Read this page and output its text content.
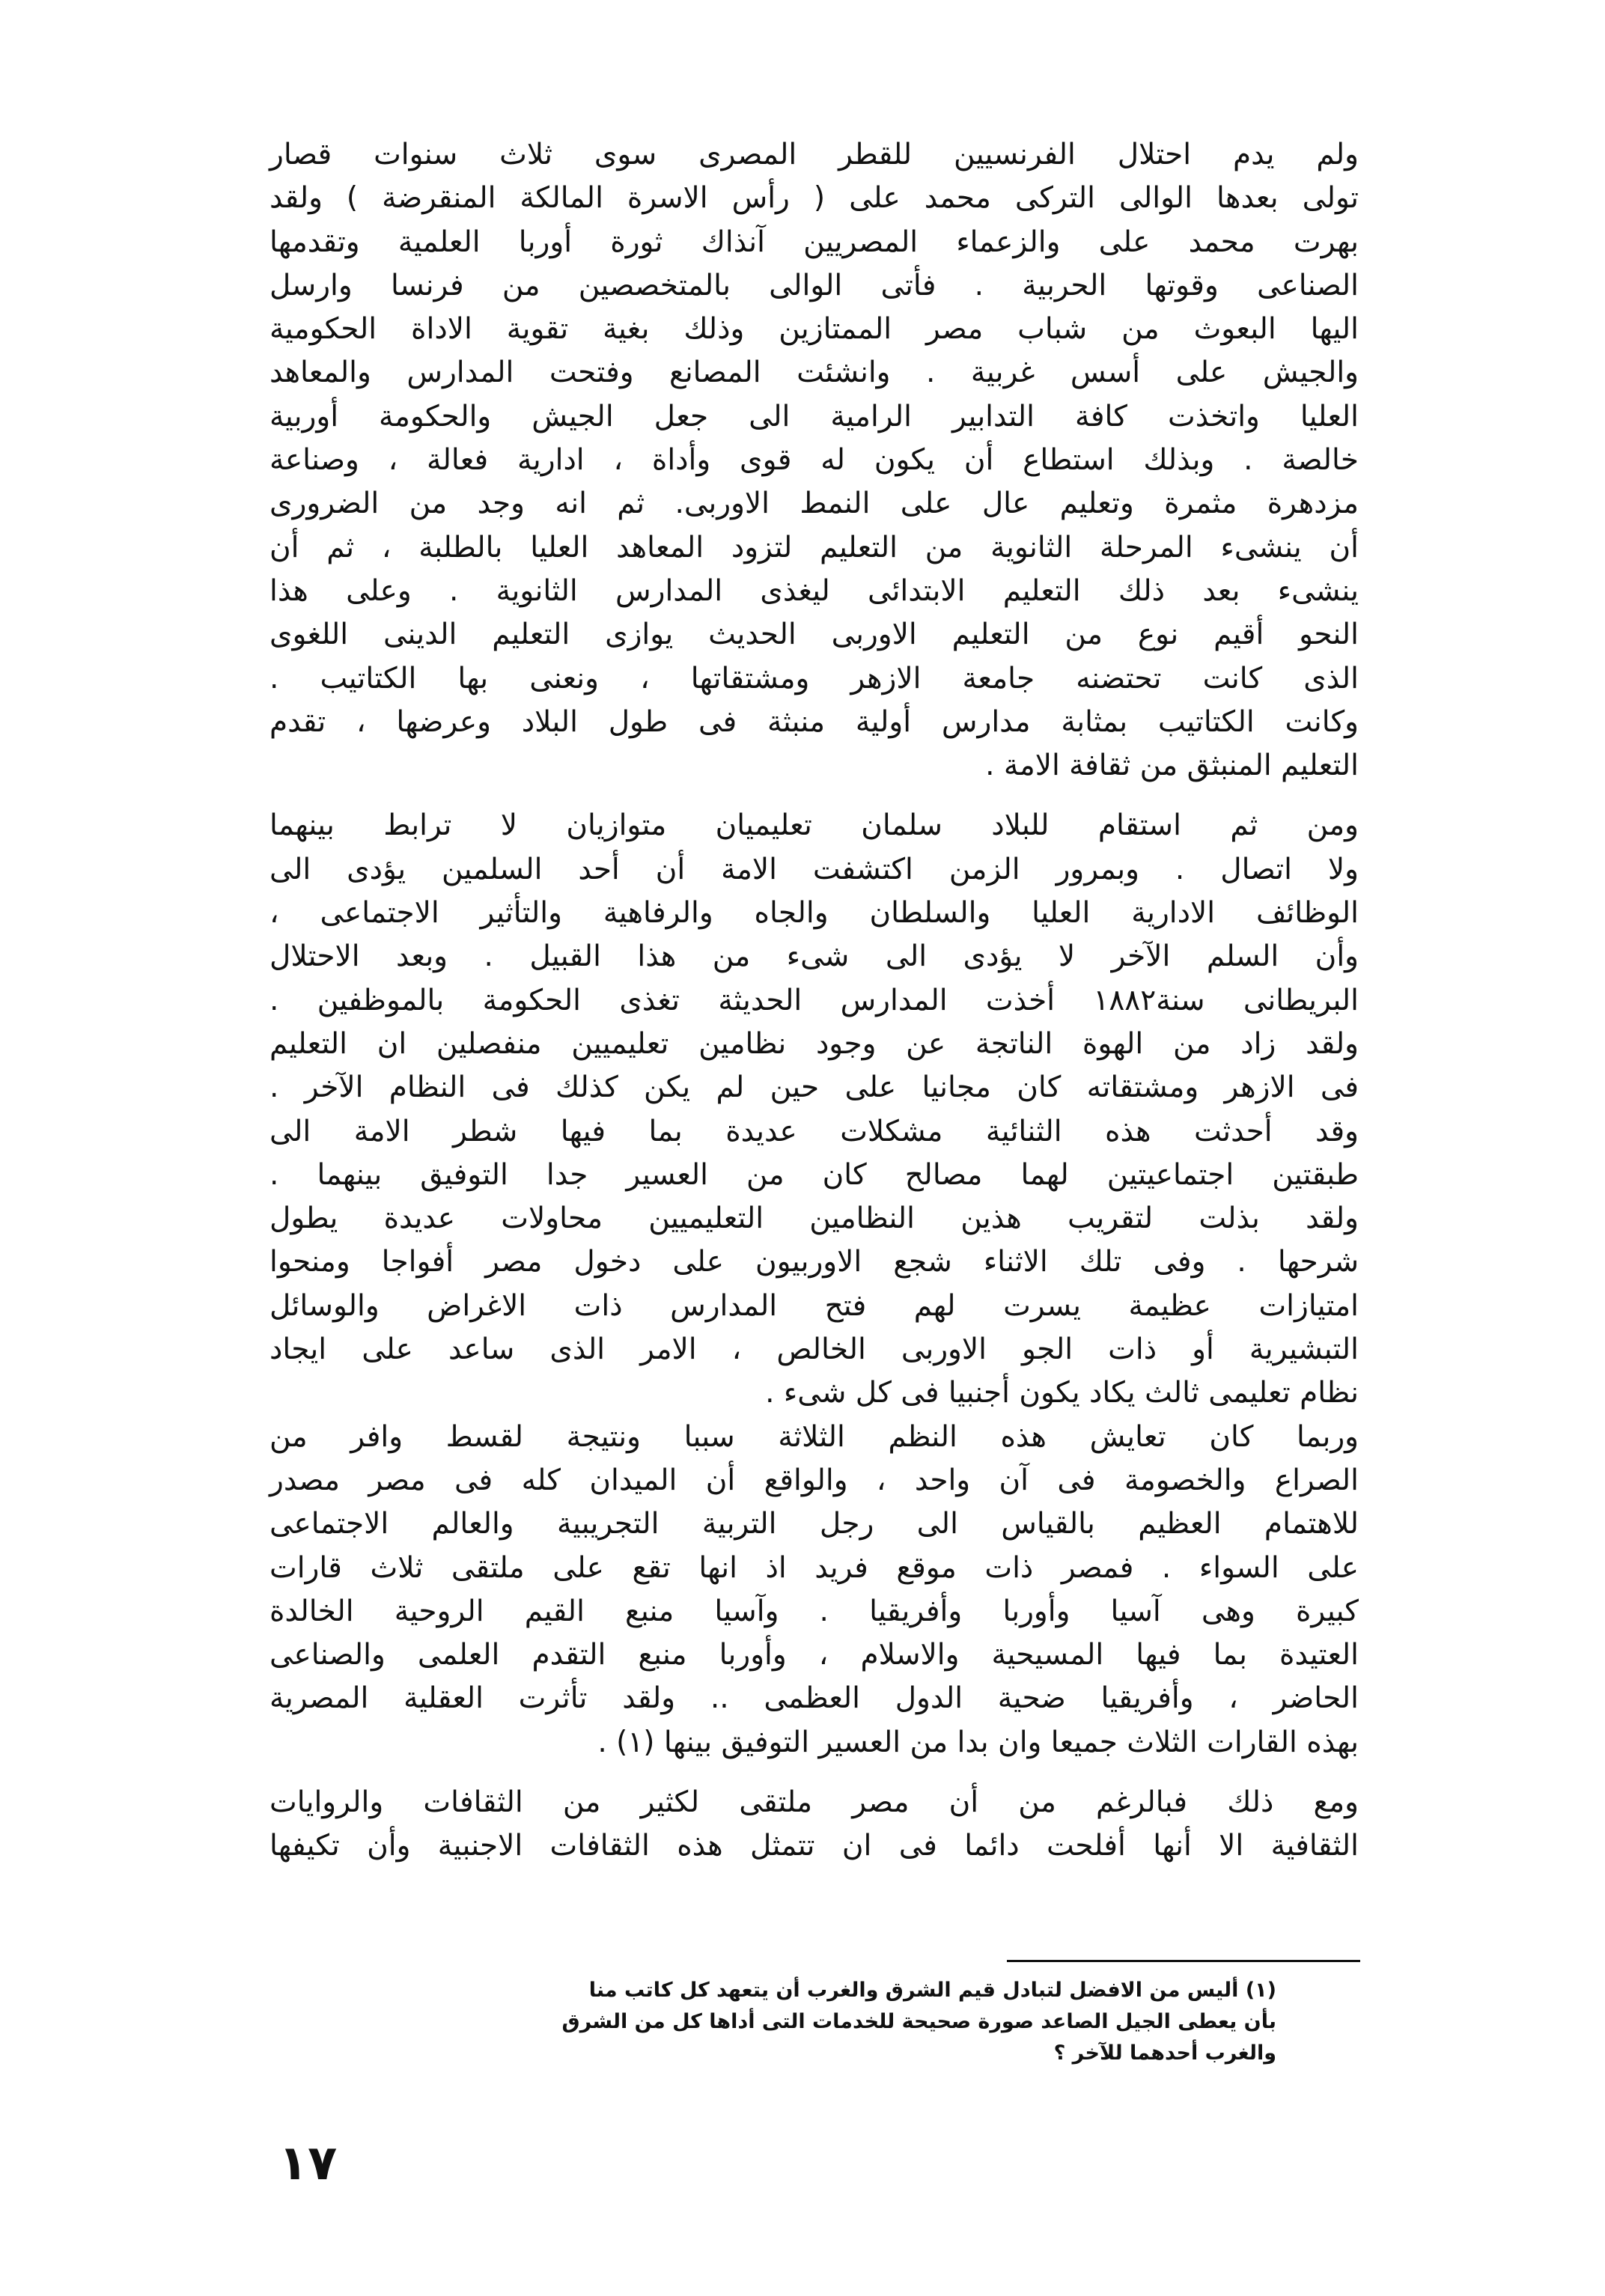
ولم يدم احتلال الفرنسيين للقطر المصرى سوى ثلاث سنوات قصار
تولى بعدها الوالى التركى محمد على ( رأس الاسرة المالكة المنقرضة ) ولقد
بهرت محمد على والزعماء المصريين آنذاك ثورة أوربا العلمية وتقدمها
الصناعى وقوتها الحربية . فأتى الوالى بالمتخصصين من فرنسا وارسل
اليها البعوث من شباب مصر الممتازين وذلك بغية تقوية الاداة الحكومية
والجيش على أسس غربية . وانشئت المصانع وفتحت المدارس والمعاهد
العليا واتخذت كافة التدابير الرامية الى جعل الجيش والحكومة أوربية
خالصة . وبذلك استطاع أن يكون له قوى وأداة ، ادارية فعالة ، وصناعة
مزدهرة مثمرة وتعليم عال على النمط الاوربى. ثم انه وجد من الضرورى
أن ينشىء المرحلة الثانوية من التعليم لتزود المعاهد العليا بالطلبة ، ثم أن
ينشىء بعد ذلك التعليم الابتدائى ليغذى المدارس الثانوية . وعلى هذا
النحو أقيم نوع من التعليم الاوربى الحديث يوازى التعليم الدينى اللغوى
الذى كانت تحتضنه جامعة الازهر ومشتقاتها ، ونعنى بها الكتاتيب .
وكانت الكتاتيب بمثابة مدارس أولية منبثة فى طول البلاد وعرضها ، تقدم
التعليم المنبثق من ثقافة الامة .
ومن ثم استقام للبلاد سلمان تعليميان متوازيان لا ترابط بينهما
ولا اتصال . وبمرور الزمن اكتشفت الامة أن أحد السلمين يؤدى الى
الوظائف الادارية العليا والسلطان والجاه والرفاهية والتأثير الاجتماعى ،
وأن السلم الآخر لا يؤدى الى شىء من هذا القبيل . وبعد الاحتلال
البريطانى سنة١٨٨٢ أخذت المدارس الحديثة تغذى الحكومة بالموظفين .
ولقد زاد من الهوة الناتجة عن وجود نظامين تعليميين منفصلين ان التعليم
فى الازهر ومشتقاته كان مجانيا على حين لم يكن كذلك فى النظام الآخر .
وقد أحدثت هذه الثنائية مشكلات عديدة بما فيها شطر الامة الى
طبقتين اجتماعيتين لهما مصالح كان من العسير جدا التوفيق بينهما .
ولقد بذلت لتقريب هذين النظامين التعليميين محاولات عديدة يطول
شرحها . وفى تلك الاثناء شجع الاوربيون على دخول مصر أفواجا ومنحوا
امتيازات عظيمة يسرت لهم فتح المدارس ذات الاغراض والوسائل
التبشيرية أو ذات الجو الاوربى الخالص ، الامر الذى ساعد على ايجاد
نظام تعليمى ثالث يكاد يكون أجنبيا فى كل شىء .
وربما كان تعايش هذه النظم الثلاثة سببا ونتيجة لقسط وافر من
الصراع والخصومة فى آن واحد ، والواقع أن الميدان كله فى مصر مصدر
للاهتمام العظيم بالقياس الى رجل التربية التجريبية والعالم الاجتماعى
على السواء . فمصر ذات موقع فريد اذ انها تقع على ملتقى ثلاث قارات
كبيرة وهى آسيا وأوربا وأفريقيا . وآسيا منبع القيم الروحية الخالدة
العتيدة بما فيها المسيحية والاسلام ، وأوربا منبع التقدم العلمى والصناعى
الحاضر ، وأفريقيا ضحية الدول العظمى .. ولقد تأثرت العقلية المصرية
بهذه القارات الثلاث جميعا وان بدا من العسير التوفيق بينها (١) .
ومع ذلك فبالرغم من أن مصر ملتقى لكثير من الثقافات والروايات
الثقافية الا أنها أفلحت دائما فى ان تتمثل هذه الثقافات الاجنبية وأن تكيفها
(١) أليس من الافضل لتبادل قيم الشرق والغرب أن يتعهد كل كاتب منا
بأن يعطى الجيل الصاعد صورة صحيحة للخدمات التى أداها كل من الشرق
والغرب أحدهما للآخر ؟
١٧
